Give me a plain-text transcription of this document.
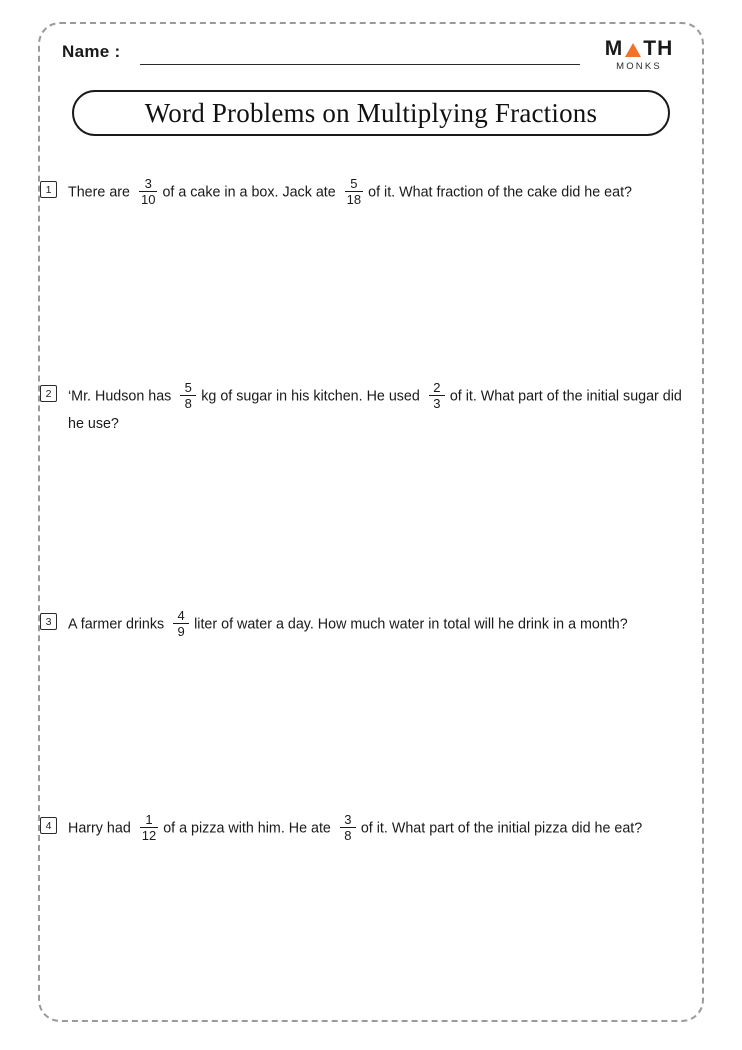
Name :	M TH
MONKS
Word Problems on Multiplying Fractions
1	There are $\frac{3}{10}$ of a cake in a box. Jack ate $\frac{5}{18}$ of it. What fraction of the cake did he eat?
2	‘Mr. Hudson has $\frac{5}{8}$ kg of sugar in his kitchen. He used $\frac{2}{3}$ of it. What part of the initial sugar did he use?
3	A farmer drinks $\frac{4}{9}$ liter of water a day. How much water in total will he drink in a month?
4	Harry had $\frac{1}{12}$ of a pizza with him. He ate $\frac{3}{8}$ of it. What part of the initial pizza did he eat?
